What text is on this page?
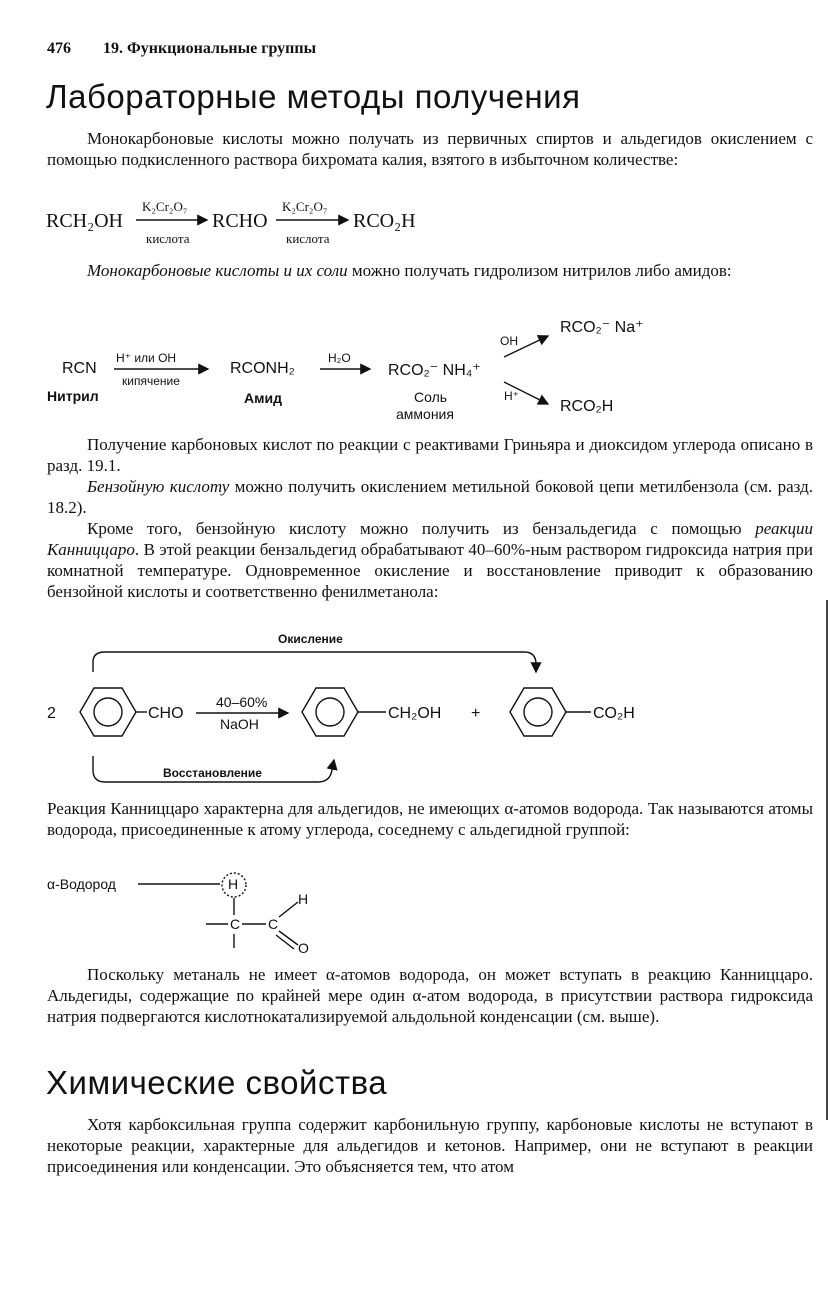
476 19. Функциональные группы
Лабораторные методы получения
Монокарбоновые кислоты можно получать из первичных спиртов и альдегидов окислением с помощью подкисленного раствора бихромата калия, взятого в избыточном количестве:
RCH₂OH
K₂Cr₂O₇
кислота
RCHO
K₂Cr₂O₇
кислота
RCO₂H
Монокарбоновые кислоты и их соли можно получать гидролизом нитрилов либо амидов:
RCN
Нитрил
H⁺ или OH
кипячение
RCONH₂
Амид
H₂O
RCO₂⁻ NH₄⁺
Соль
аммония
OH
H⁺
RCO₂⁻ Na⁺
RCO₂H
Получение карбоновых кислот по реакции с реактивами Гриньяра и диоксидом углерода описано в разд. 19.1.
Бензойную кислоту можно получить окислением метильной боковой цепи метилбензола (см. разд. 18.2).
Кроме того, бензойную кислоту можно получить из бензальдегида с помощью реакции Канниццаро. В этой реакции бензальдегид обрабатывают 40–60%-ным раствором гидроксида натрия при комнатной температуре. Одновременное окисление и восстановление приводит к образованию бензойной кислоты и соответственно фенилметанола:
Окисление
Восстановление
2	CHO
40–60%
NaOH
CH₂OH +	CO₂H
Реакция Канниццаро характерна для альдегидов, не имеющих α-атомов водорода. Так называются атомы водорода, присоединенные к атому углерода, соседнему с альдегидной группой:
α-Водород	H
C C
H
O
Поскольку метаналь не имеет α-атомов водорода, он может вступать в реакцию Канниццаро. Альдегиды, содержащие по крайней мере один α-атом водорода, в присутствии раствора гидроксида натрия подвергаются кислотнокатализируемой альдольной конденсации (см. выше).
Химические свойства
Хотя карбоксильная группа содержит карбонильную группу, карбоновые кислоты не вступают в некоторые реакции, характерные для альдегидов и кетонов. Например, они не вступают в реакции присоединения или конденсации. Это объясняется тем, что атом
